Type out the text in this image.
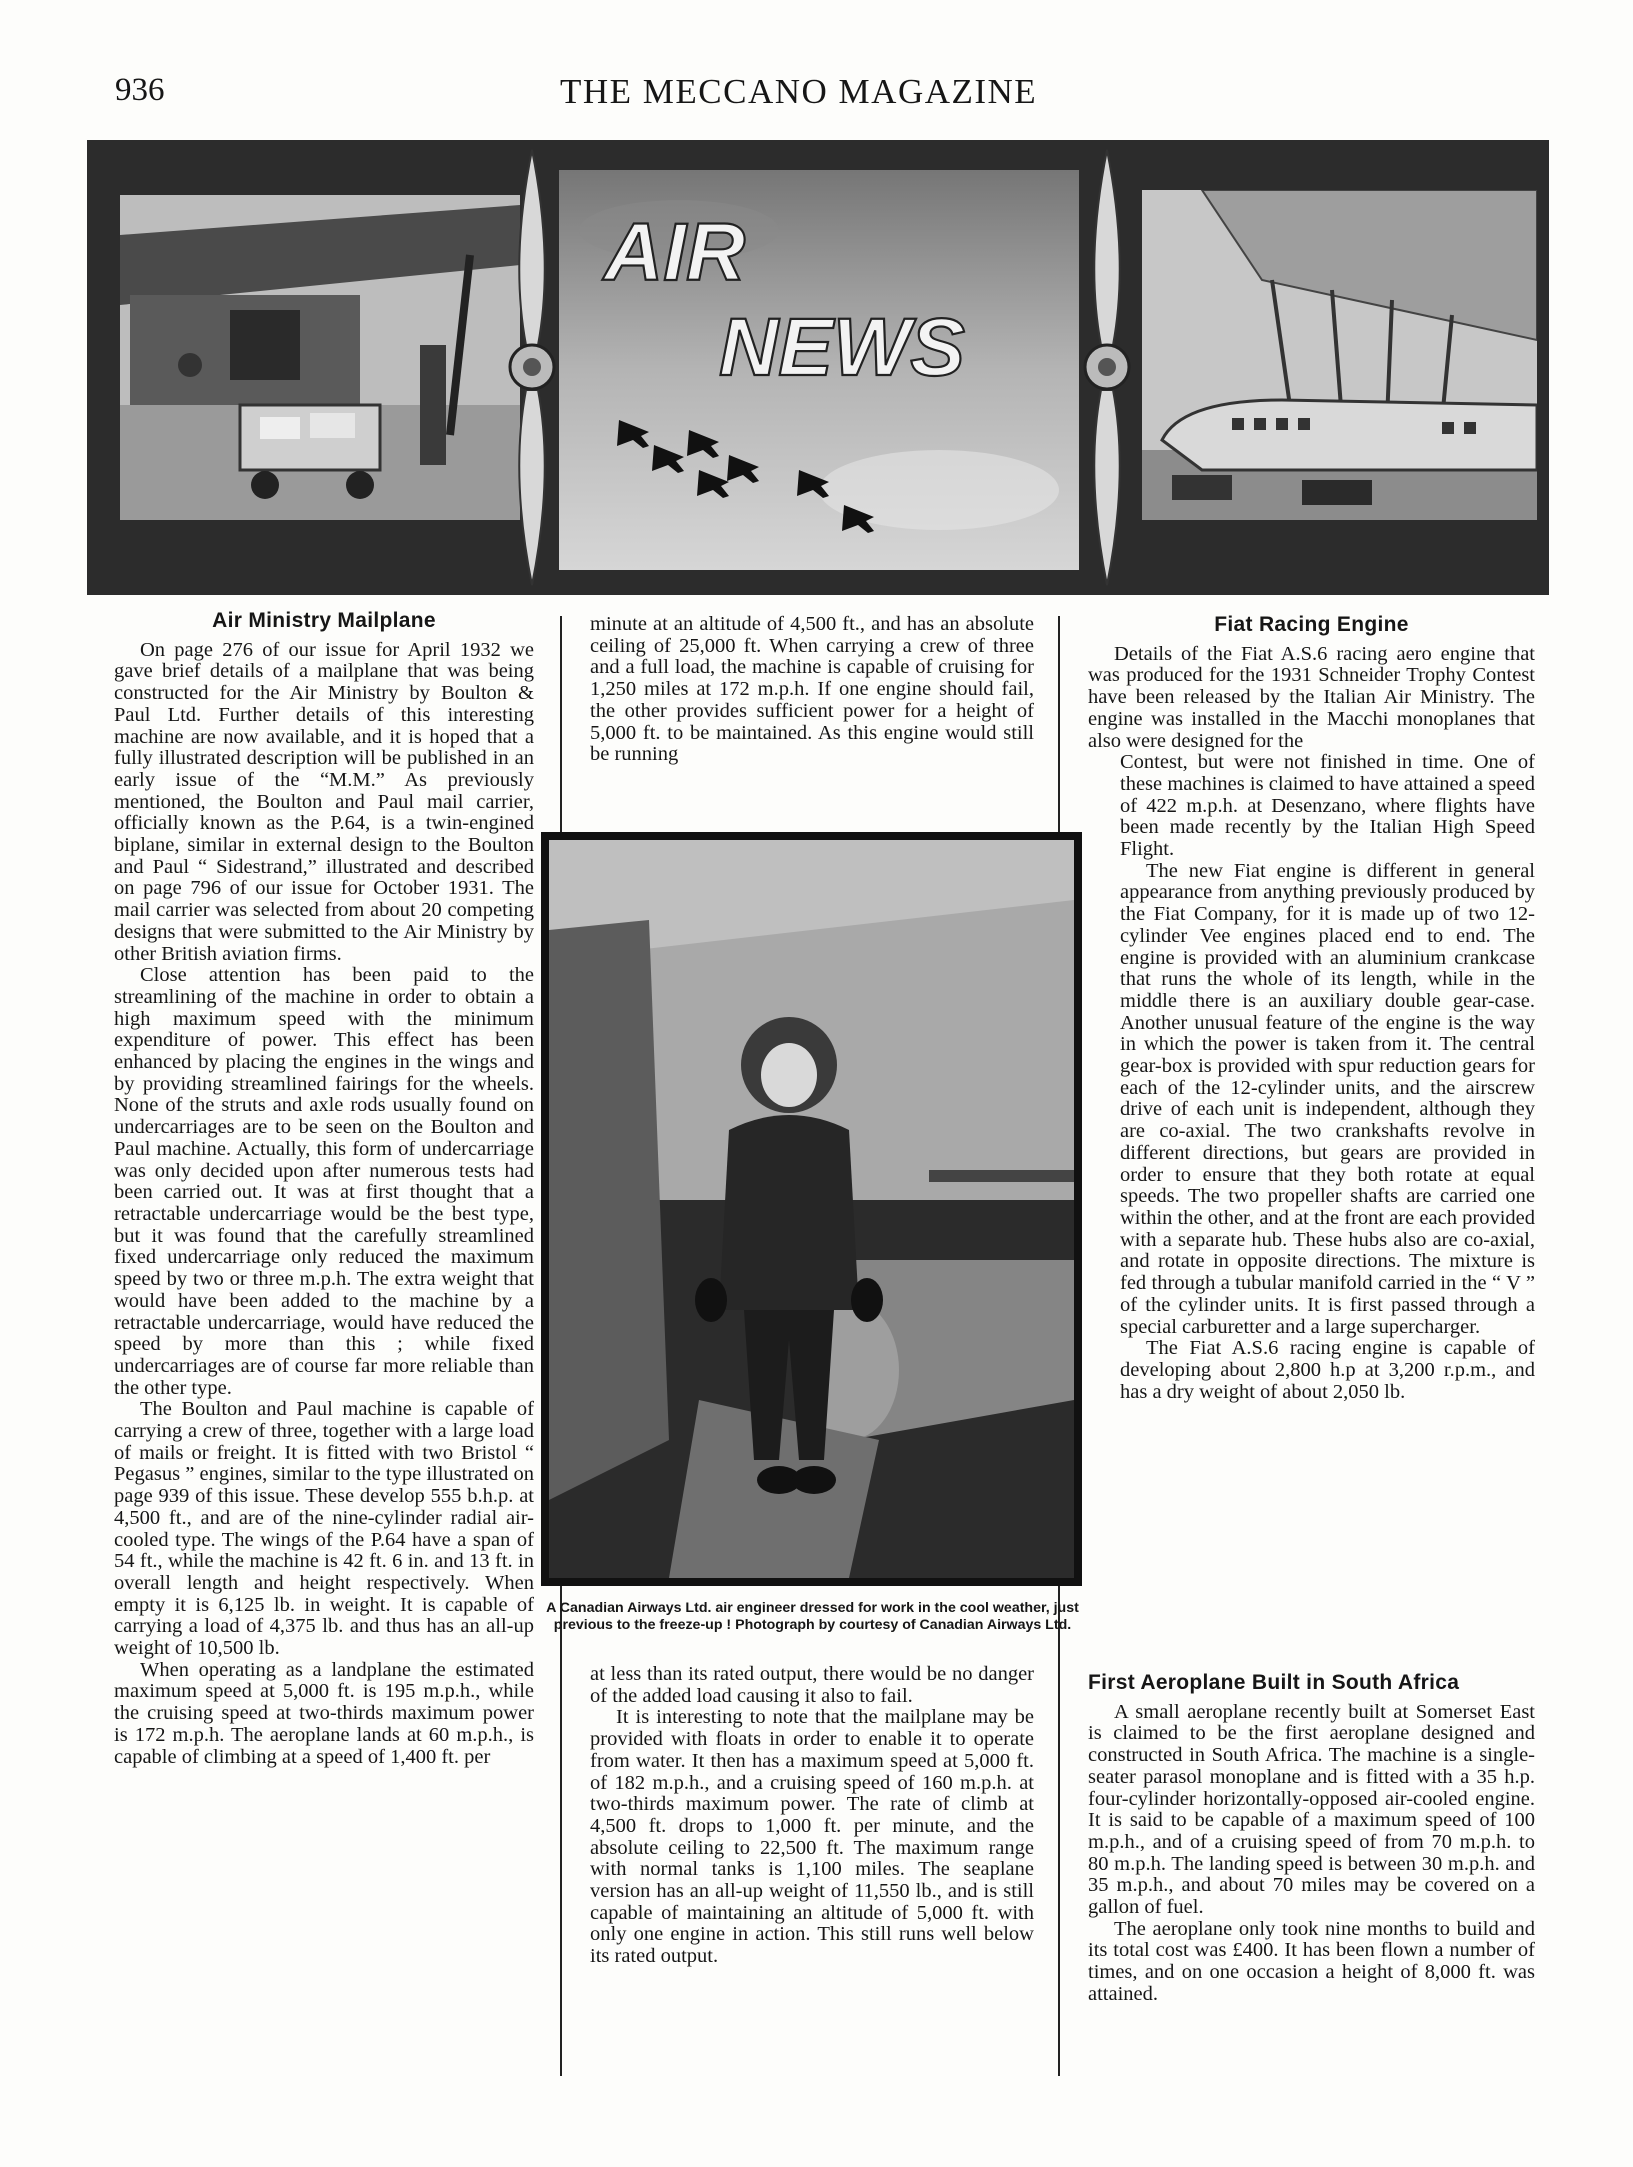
936	THE MECCANO MAGAZINE
AIR
NEWS
Air Ministry Mailplane

On page 276 of our issue for April 1932 we gave brief details of a mailplane that was being constructed for the Air Ministry by Boulton & Paul Ltd. Further details of this interesting machine are now available, and it is hoped that a fully illustrated description will be published in an early issue of the “M.M.” As previously mentioned, the Boulton and Paul mail carrier, officially known as the P.64, is a twin-engined biplane, similar in external design to the Boulton and Paul “ Sidestrand,” illustrated and described on page 796 of our issue for October 1931. The mail carrier was selected from about 20 competing designs that were submitted to the Air Ministry by other British aviation firms.

Close attention has been paid to the streamlining of the machine in order to obtain a high maximum speed with the minimum expenditure of power. This effect has been enhanced by placing the engines in the wings and by providing streamlined fairings for the wheels. None of the struts and axle rods usually found on undercarriages are to be seen on the Boulton and Paul machine. Actually, this form of undercarriage was only decided upon after numerous tests had been carried out. It was at first thought that a retractable undercarriage would be the best type, but it was found that the carefully streamlined fixed undercarriage only reduced the maximum speed by two or three m.p.h. The extra weight that would have been added to the machine by a retractable undercarriage, would have reduced the speed by more than this ; while fixed undercarriages are of course far more reliable than the other type.

The Boulton and Paul machine is capable of carrying a crew of three, together with a large load of mails or freight. It is fitted with two Bristol “ Pegasus ” engines, similar to the type illustrated on page 939 of this issue. These develop 555 b.h.p. at 4,500 ft., and are of the nine-cylinder radial air-cooled type. The wings of the P.64 have a span of 54 ft., while the machine is 42 ft. 6 in. and 13 ft. in overall length and height respectively. When empty it is 6,125 lb. in weight. It is capable of carrying a load of 4,375 lb. and thus has an all-up weight of 10,500 lb.

When operating as a landplane the estimated maximum speed at 5,000 ft. is 195 m.p.h., while the cruising speed at two-thirds maximum power is 172 m.p.h. The aeroplane lands at 60 m.p.h., is capable of climbing at a speed of 1,400 ft. per

minute at an altitude of 4,500 ft., and has an absolute ceiling of 25,000 ft. When carrying a crew of three and a full load, the machine is capable of cruising for 1,250 miles at 172 m.p.h. If one engine should fail, the other provides sufficient power for a height of 5,000 ft. to be maintained. As this engine would still be running

A Canadian Airways Ltd. air engineer dressed for work in the cool weather, just previous to the freeze-up ! Photograph by courtesy of Canadian Airways Ltd.

at less than its rated output, there would be no danger of the added load causing it also to fail.

It is interesting to note that the mailplane may be provided with floats in order to enable it to operate from water. It then has a maximum speed at 5,000 ft. of 182 m.p.h., and a cruising speed of 160 m.p.h. at two-thirds maximum power. The rate of climb at 4,500 ft. drops to 1,000 ft. per minute, and the absolute ceiling to 22,500 ft. The maximum range with normal tanks is 1,100 miles. The seaplane version has an all-up weight of 11,550 lb., and is still capable of maintaining an altitude of 5,000 ft. with only one engine in action. This still runs well below its rated output.

Fiat Racing Engine

Details of the Fiat A.S.6 racing aero engine that was produced for the 1931 Schneider Trophy Contest have been released by the Italian Air Ministry. The engine was installed in the Macchi monoplanes that also were designed for the

Contest, but were not finished in time. One of these machines is claimed to have attained a speed of 422 m.p.h. at Desenzano, where flights have been made recently by the Italian High Speed Flight.

The new Fiat engine is different in general appearance from anything previously produced by the Fiat Company, for it is made up of two 12-cylinder Vee engines placed end to end. The engine is provided with an aluminium crankcase that runs the whole of its length, while in the middle there is an auxiliary double gear-case. Another unusual feature of the engine is the way in which the power is taken from it. The central gear-box is provided with spur reduction gears for each of the 12-cylinder units, and the airscrew drive of each unit is independent, although they are co-axial. The two crankshafts revolve in different directions, but gears are provided in order to ensure that they both rotate at equal speeds. The two propeller shafts are carried one within the other, and at the front are each provided with a separate hub. These hubs also are co-axial, and rotate in opposite directions. The mixture is fed through a tubular manifold carried in the “ V ” of the cylinder units. It is first passed through a special carburetter and a large supercharger.

The Fiat A.S.6 racing engine is capable of developing about 2,800 h.p at 3,200 r.p.m., and has a dry weight of about 2,050 lb.

First Aeroplane Built in South Africa

A small aeroplane recently built at Somerset East is claimed to be the first aeroplane designed and constructed in South Africa. The machine is a single-seater parasol monoplane and is fitted with a 35 h.p. four-cylinder horizontally-opposed air-cooled engine. It is said to be capable of a maximum speed of 100 m.p.h., and of a cruising speed of from 70 m.p.h. to 80 m.p.h. The landing speed is between 30 m.p.h. and 35 m.p.h., and about 70 miles may be covered on a gallon of fuel.

The aeroplane only took nine months to build and its total cost was £400. It has been flown a number of times, and on one occasion a height of 8,000 ft. was attained.
